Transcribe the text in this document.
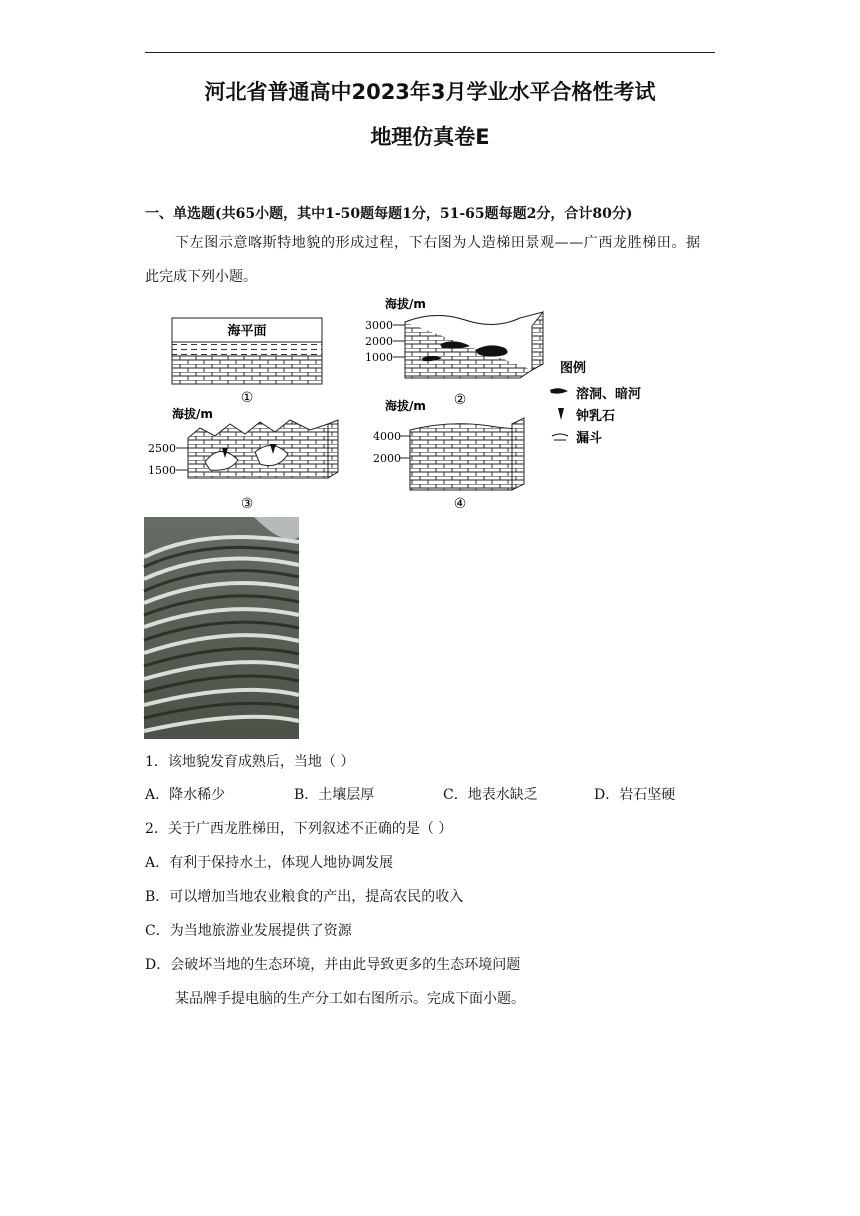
河北省普通高中2023年3月学业水平合格性考试
地理仿真卷E
一、单选题(共65小题，其中1-50题每题1分，51-65题每题2分，合计80分)
下左图示意喀斯特地貌的形成过程，下右图为人造梯田景观——广西龙胜梯田。据
此完成下列小题。
海平面
①
海拔/m
3000
2000
1000
②
图例
溶洞、暗河
钟乳石
漏斗
海拔/m
2500
1500
③
海拔/m
4000
2000
④
1．该地貌发育成熟后，当地（ ）
A．降水稀少	B．土壤层厚	C．地表水缺乏	D．岩石坚硬
2．关于广西龙胜梯田，下列叙述不正确的是（ ）
A．有利于保持水土，体现人地协调发展
B．可以增加当地农业粮食的产出，提高农民的收入
C．为当地旅游业发展提供了资源
D．会破坏当地的生态环境，并由此导致更多的生态环境问题
某品牌手提电脑的生产分工如右图所示。完成下面小题。
